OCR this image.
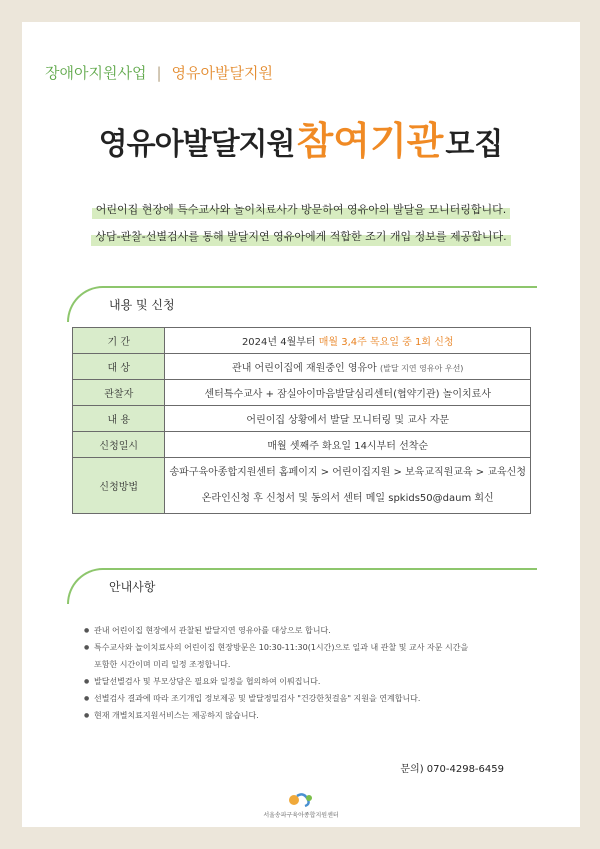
장애아지원사업 | 영유아발달지원
영유아발달지원참여기관모집
어린이집 현장에 특수교사와 놀이치료사가 방문하여 영유아의 발달을 모니터링합니다.
상담-관찰-선별검사를 통해 발달지연 영유아에게 적합한 조기 개입 정보를 제공합니다.
내용 및 신청
기 간	2024년 4월부터 매월 3,4주 목요일 중 1회 신청
대 상	관내 어린이집에 재원중인 영유아 (발달 지연 영유아 우선)
관찰자	센터특수교사 + 잠실아이마음발달심리센터(협약기관) 놀이치료사
내 용	어린이집 상황에서 발달 모니터링 및 교사 자문
신청일시	매월 셋째주 화요일 14시부터 선착순
신청방법	송파구육아종합지원센터 홈페이지 > 어린이집지원 > 보육교직원교육 > 교육신청
온라인신청 후 신청서 및 동의서 센터 메일 spkids50@daum 회신
안내사항
● 관내 어린이집 현장에서 관찰된 발달지연 영유아를 대상으로 합니다.
● 특수교사와 놀이치료사의 어린이집 현장방문은 10:30-11:30(1시간)으로 일과 내 관찰 및 교사 자문 시간을
포함한 시간이며 미리 일정 조정합니다.
● 발달선별검사 및 부모상담은 필요와 일정을 협의하여 이뤄집니다.
● 선별검사 결과에 따라 조기개입 정보제공 및 발달정밀검사 "건강한첫걸음" 지원을 연계합니다.
● 현재 개별치료지원서비스는 제공하지 않습니다.
문의) 070-4298-6459
서울송파구육아종합지원센터
